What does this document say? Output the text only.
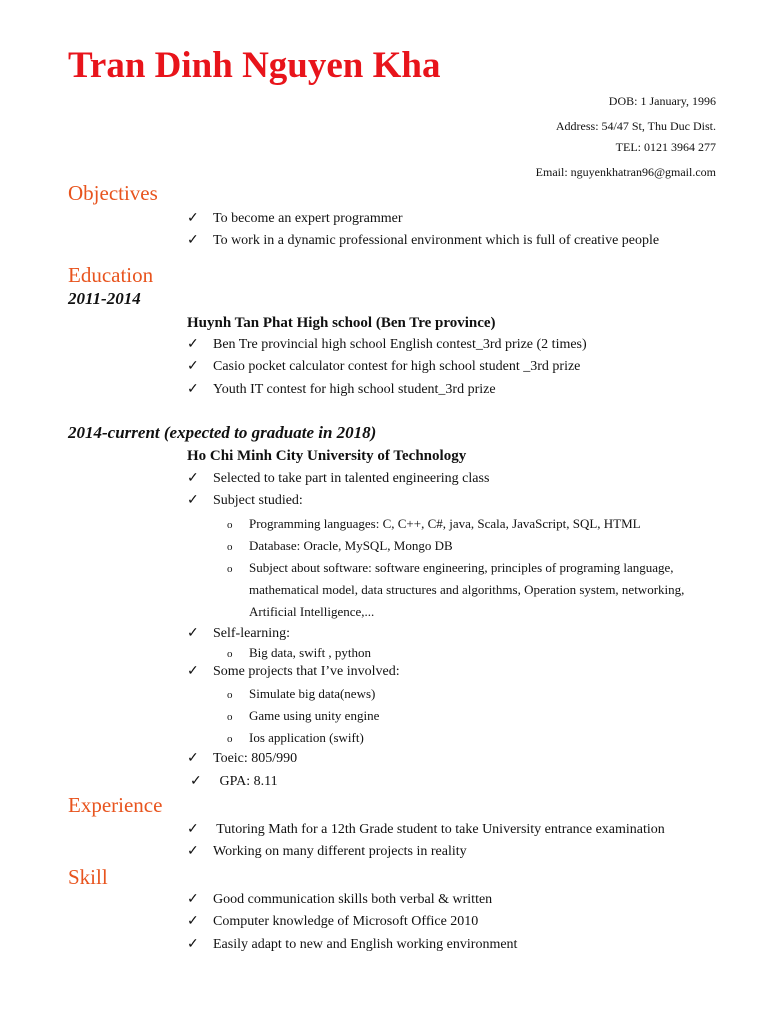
Tran Dinh Nguyen Kha
DOB: 1 January, 1996
Address: 54/47 St, Thu Duc Dist.
TEL: 0121 3964 277
Email: nguyenkhatran96@gmail.com
Objectives
✓ To become an expert programmer
✓ To work in a dynamic professional environment which is full of creative people
Education
2011-2014
Huynh Tan Phat High school (Ben Tre province)
✓ Ben Tre provincial high school English contest_3rd prize (2 times)
✓ Casio pocket calculator contest for high school student _3rd prize
✓ Youth IT contest for high school student_3rd prize
2014-current (expected to graduate in 2018)
Ho Chi Minh City University of Technology
✓ Selected to take part in talented engineering class
✓ Subject studied:
o Programming languages: C, C++, C#, java, Scala, JavaScript, SQL, HTML
o Database: Oracle, MySQL, Mongo DB
o Subject about software: software engineering, principles of programing language,
mathematical model, data structures and algorithms, Operation system, networking,
Artificial Intelligence,...
✓ Self-learning:
o Big data, swift , python
✓ Some projects that I’ve involved:
o Simulate big data(news)
o Game using unity engine
o Ios application (swift)
✓ Toeic: 805/990
✓ GPA: 8.11
Experience
✓ Tutoring Math for a 12th Grade student to take University entrance examination
✓ Working on many different projects in reality
Skill
✓ Good communication skills both verbal & written
✓ Computer knowledge of Microsoft Office 2010
✓ Easily adapt to new and English working environment
